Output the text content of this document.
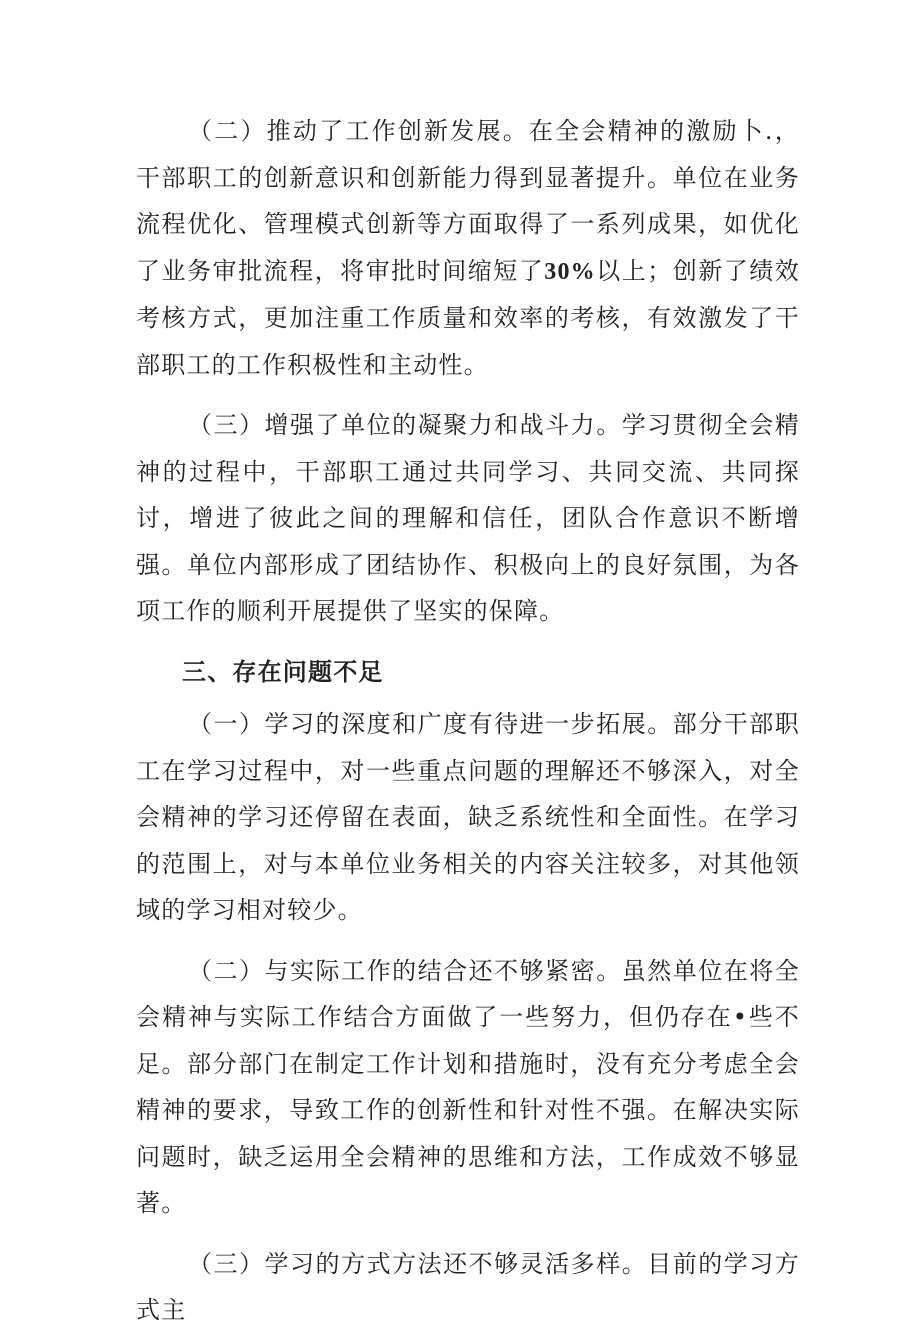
（二）推动了工作创新发展。在全会精神的激励卜.，干部职工的创新意识和创新能力得到显著提升。单位在业务流程优化、管理模式创新等方面取得了一系列成果，如优化了业务审批流程，将审批时间缩短了30%以上；创新了绩效考核方式，更加注重工作质量和效率的考核，有效激发了干部职工的工作积极性和主动性。

（三）增强了单位的凝聚力和战斗力。学习贯彻全会精神的过程中，干部职工通过共同学习、共同交流、共同探讨，增进了彼此之间的理解和信任，团队合作意识不断增强。单位内部形成了团结协作、积极向上的良好氛围，为各项工作的顺利开展提供了坚实的保障。

三、存在问题不足

（一）学习的深度和广度有待进一步拓展。部分干部职工在学习过程中，对一些重点问题的理解还不够深入，对全会精神的学习还停留在表面，缺乏系统性和全面性。在学习的范围上，对与本单位业务相关的内容关注较多，对其他领域的学习相对较少。

（二）与实际工作的结合还不够紧密。虽然单位在将全会精神与实际工作结合方面做了一些努力，但仍存在•些不足。部分部门在制定工作计划和措施时，没有充分考虑全会精神的要求，导致工作的创新性和针对性不强。在解决实际问题时，缺乏运用全会精神的思维和方法，工作成效不够显著。

（三）学习的方式方法还不够灵活多样。目前的学习方式主
